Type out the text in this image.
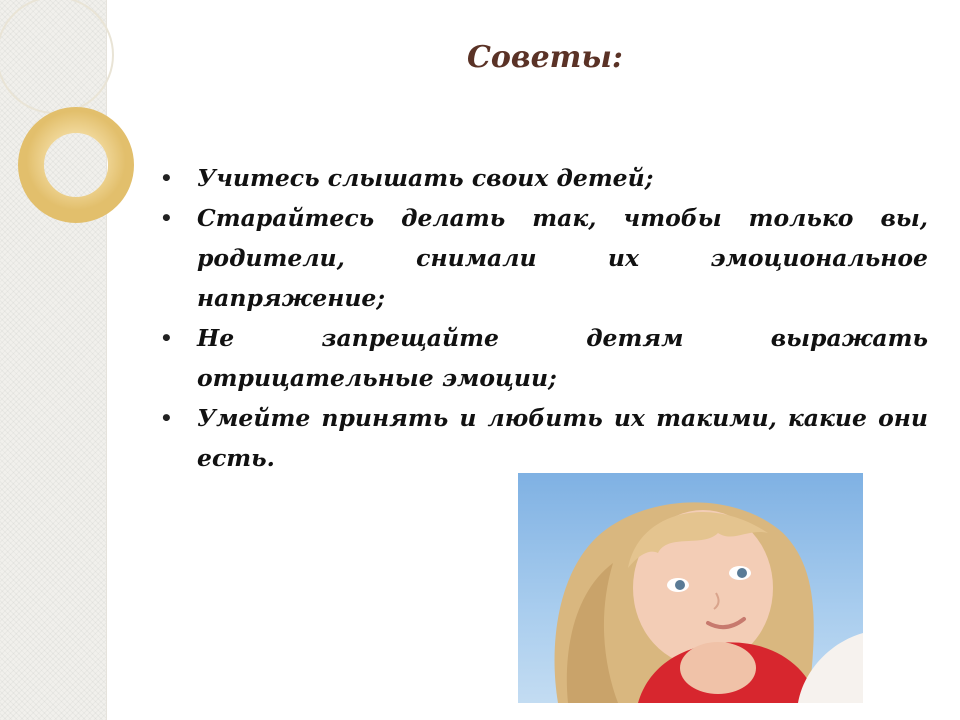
Советы:
• Учитесь слышать своих детей;
• Старайтесь делать так, чтобы только вы, родители, снимали их эмоциональное напряжение;
• Не запрещайте детям выражать отрицательные эмоции;
• Умейте принять и любить их такими, какие они есть.
